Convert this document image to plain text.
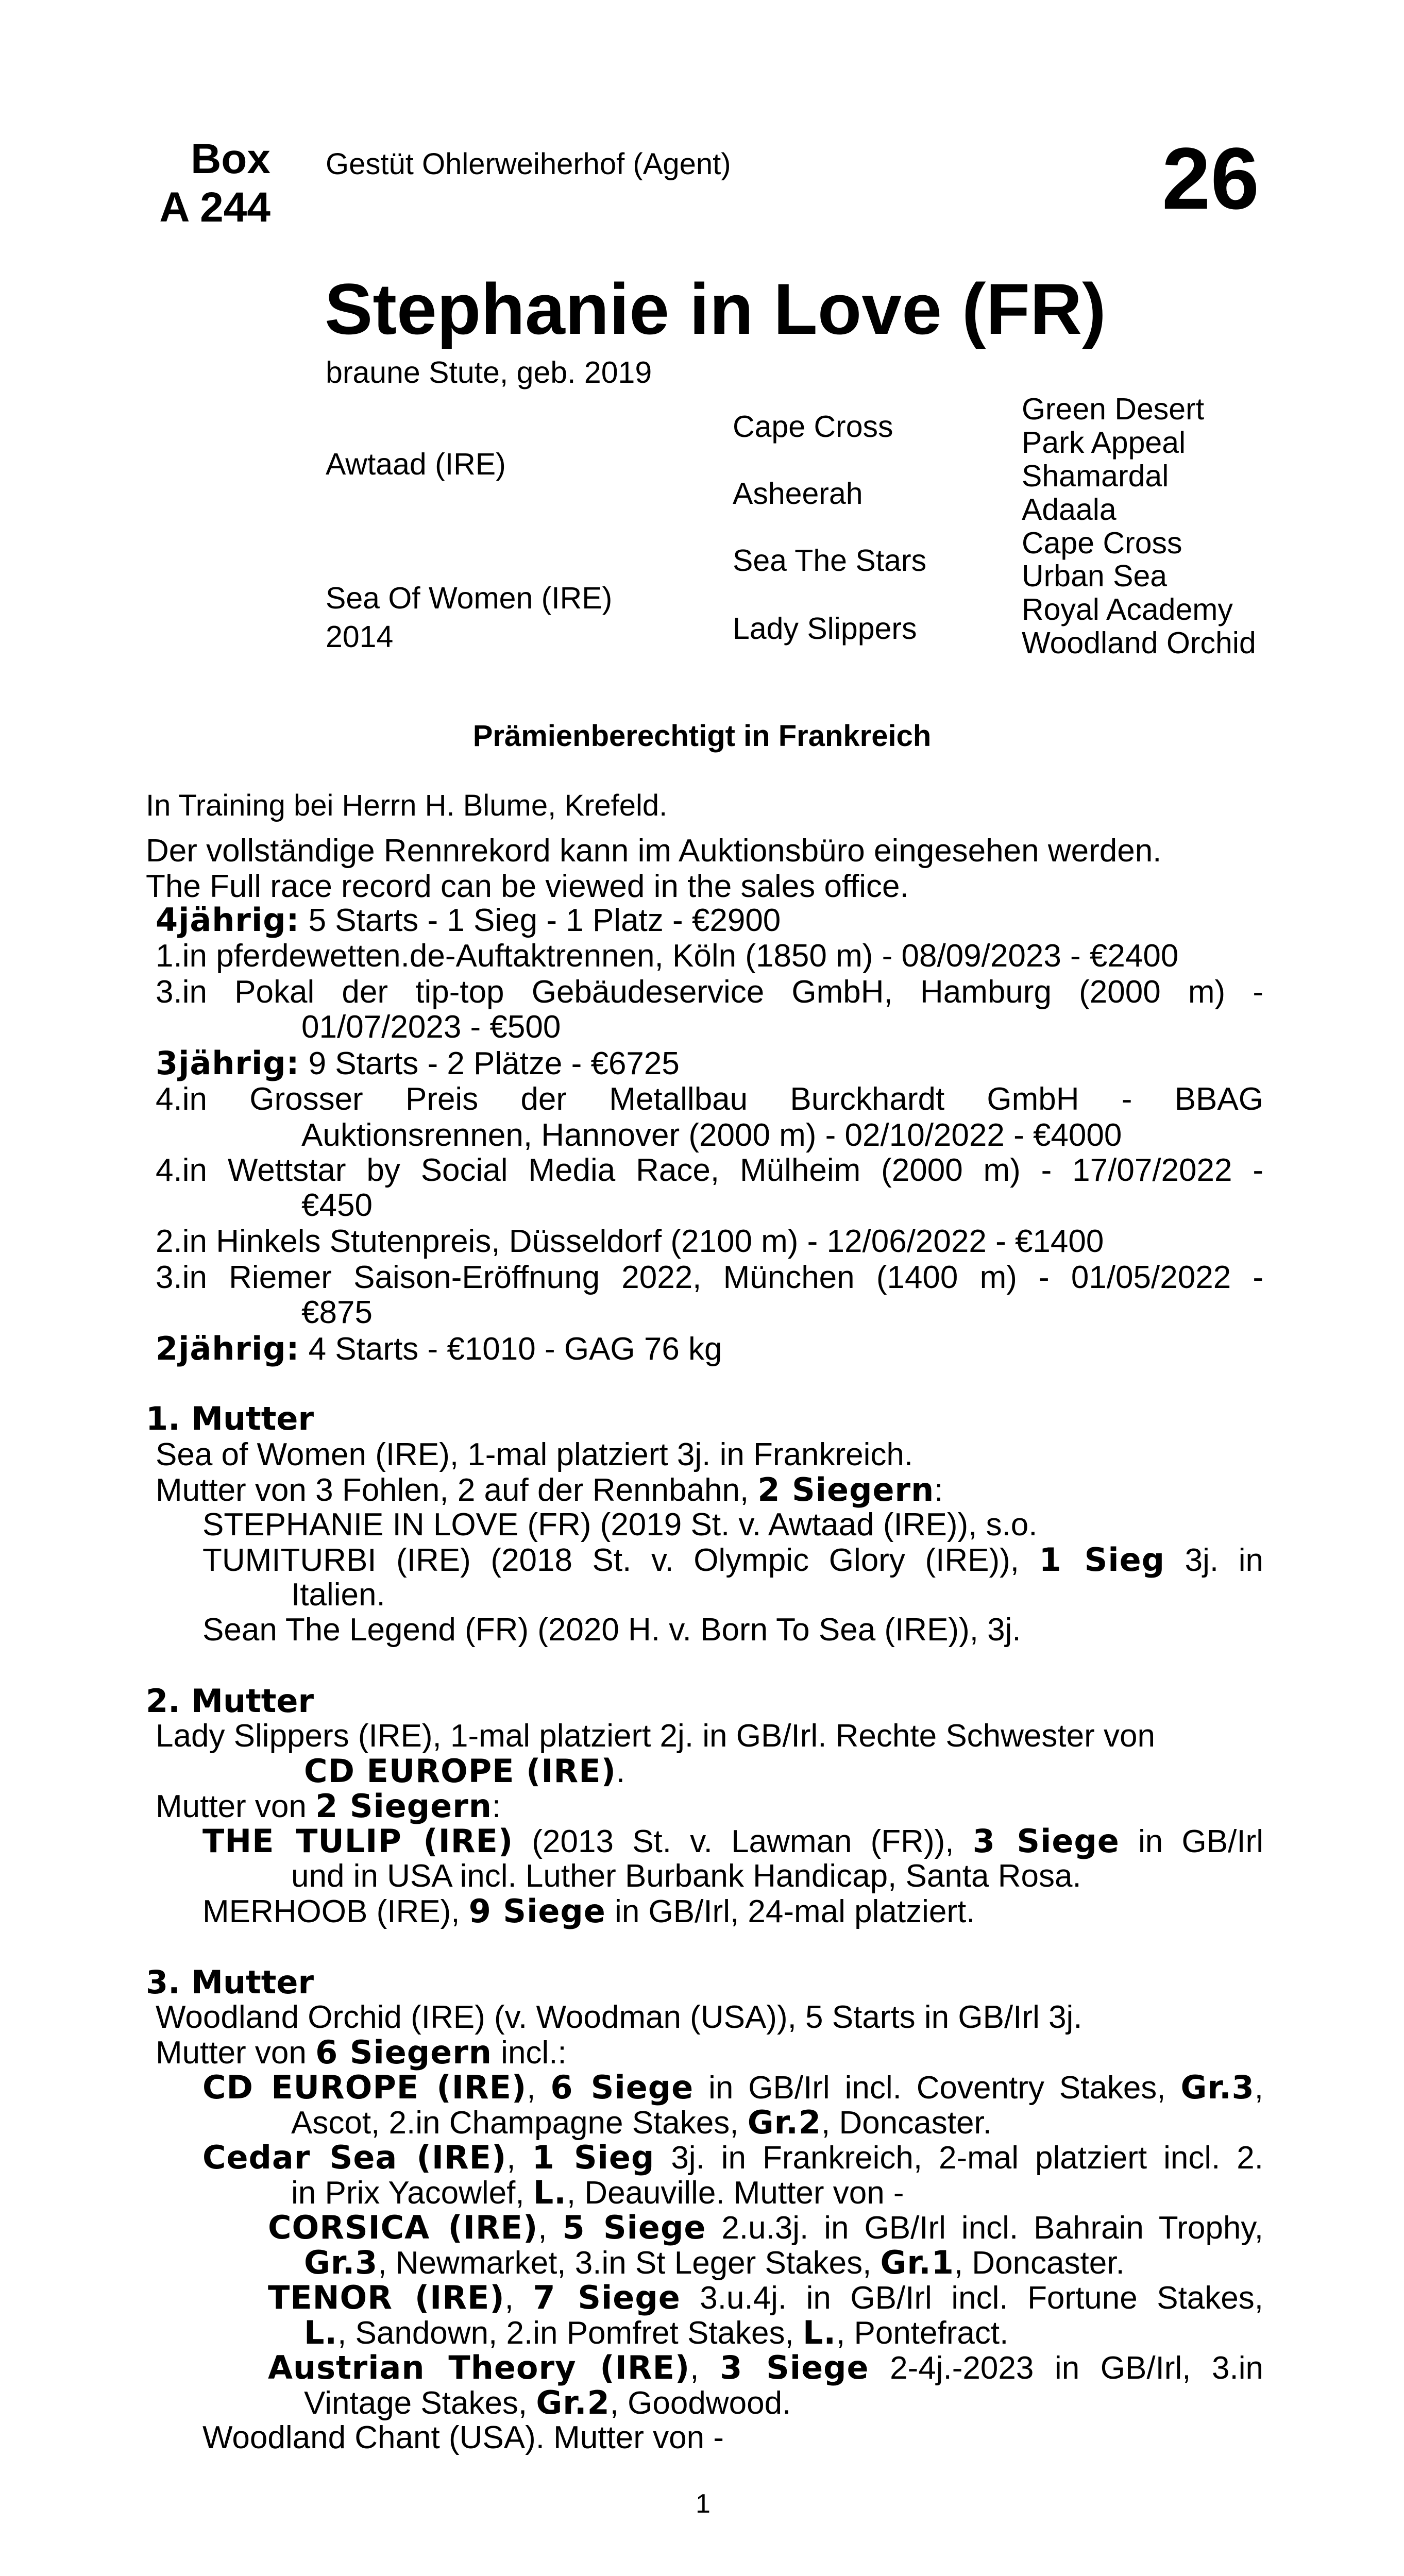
Box
A 244
Gestüt Ohlerweiherhof (Agent)	26
Stephanie in Love (FR)
braune Stute, geb. 2019
Awtaad (IRE)
Sea Of Women (IRE)
2014
Cape Cross
Asheerah
Sea The Stars
Lady Slippers
Green Desert
Park Appeal
Shamardal
Adaala
Cape Cross
Urban Sea
Royal Academy
Woodland Orchid
Prämienberechtigt in Frankreich
In Training bei Herrn H. Blume, Krefeld.
Der vollständige Rennrekord kann im Auktionsbüro eingesehen werden.
The Full race record can be viewed in the sales office.
4jährig: 5 Starts - 1 Sieg - 1 Platz - €2900
1.in pferdewetten.de-Auftaktrennen, Köln (1850 m) - 08/09/2023 - €2400
3.in Pokal der tip-top Gebäudeservice GmbH, Hamburg (2000 m) -
01/07/2023 - €500
3jährig: 9 Starts - 2 Plätze - €6725
4.in Grosser Preis der Metallbau Burckhardt GmbH - BBAG
Auktionsrennen, Hannover (2000 m) - 02/10/2022 - €4000
4.in Wettstar by Social Media Race, Mülheim (2000 m) - 17/07/2022 -
€450
2.in Hinkels Stutenpreis, Düsseldorf (2100 m) - 12/06/2022 - €1400
3.in Riemer Saison-Eröffnung 2022, München (1400 m) - 01/05/2022 -
€875
2jährig: 4 Starts - €1010 - GAG 76 kg
1. Mutter
Sea of Women (IRE), 1-mal platziert 3j. in Frankreich.
Mutter von 3 Fohlen, 2 auf der Rennbahn, 2 Siegern:
STEPHANIE IN LOVE (FR) (2019 St. v. Awtaad (IRE)), s.o.
TUMITURBI (IRE) (2018 St. v. Olympic Glory (IRE)), 1 Sieg 3j. in
Italien.
Sean The Legend (FR) (2020 H. v. Born To Sea (IRE)), 3j.
2. Mutter
Lady Slippers (IRE), 1-mal platziert 2j. in GB/Irl. Rechte Schwester von
CD EUROPE (IRE).
Mutter von 2 Siegern:
THE TULIP (IRE) (2013 St. v. Lawman (FR)), 3 Siege in GB/Irl
und in USA incl. Luther Burbank Handicap, Santa Rosa.
MERHOOB (IRE), 9 Siege in GB/Irl, 24-mal platziert.
3. Mutter
Woodland Orchid (IRE) (v. Woodman (USA)), 5 Starts in GB/Irl 3j.
Mutter von 6 Siegern incl.:
CD EUROPE (IRE), 6 Siege in GB/Irl incl. Coventry Stakes, Gr.3,
Ascot, 2.in Champagne Stakes, Gr.2, Doncaster.
Cedar Sea (IRE), 1 Sieg 3j. in Frankreich, 2-mal platziert incl. 2.
in Prix Yacowlef, L., Deauville. Mutter von -
CORSICA (IRE), 5 Siege 2.u.3j. in GB/Irl incl. Bahrain Trophy,
Gr.3, Newmarket, 3.in St Leger Stakes, Gr.1, Doncaster.
TENOR (IRE), 7 Siege 3.u.4j. in GB/Irl incl. Fortune Stakes,
L., Sandown, 2.in Pomfret Stakes, L., Pontefract.
Austrian Theory (IRE), 3 Siege 2-4j.-2023 in GB/Irl, 3.in
Vintage Stakes, Gr.2, Goodwood.
Woodland Chant (USA). Mutter von -
1
